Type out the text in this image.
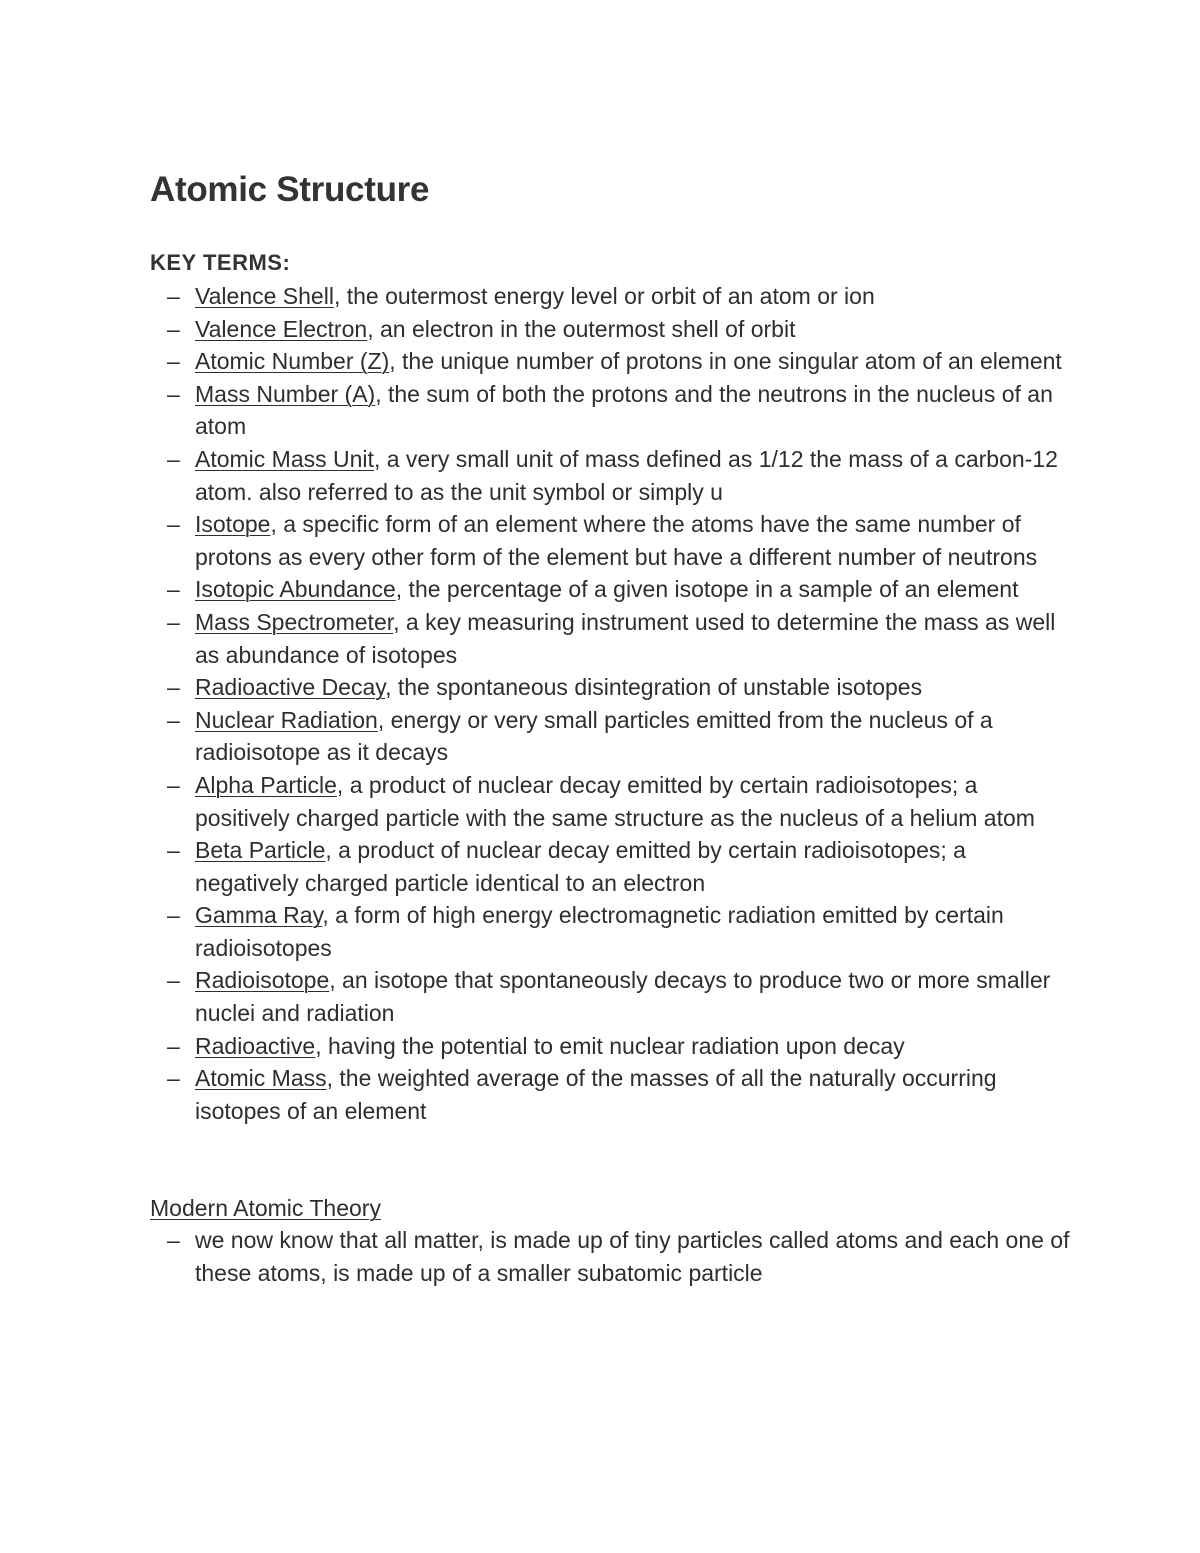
Atomic Structure
KEY TERMS:
– Valence Shell, the outermost energy level or orbit of an atom or ion
– Valence Electron, an electron in the outermost shell of orbit
– Atomic Number (Z), the unique number of protons in one singular atom of an element
– Mass Number (A), the sum of both the protons and the neutrons in the nucleus of an atom
– Atomic Mass Unit, a very small unit of mass defined as 1/12 the mass of a carbon-12 atom. also referred to as the unit symbol or simply u
– Isotope, a specific form of an element where the atoms have the same number of protons as every other form of the element but have a different number of neutrons
– Isotopic Abundance, the percentage of a given isotope in a sample of an element
– Mass Spectrometer, a key measuring instrument used to determine the mass as well as abundance of isotopes
– Radioactive Decay, the spontaneous disintegration of unstable isotopes
– Nuclear Radiation, energy or very small particles emitted from the nucleus of a radioisotope as it decays
– Alpha Particle, a product of nuclear decay emitted by certain radioisotopes; a positively charged particle with the same structure as the nucleus of a helium atom
– Beta Particle, a product of nuclear decay emitted by certain radioisotopes; a negatively charged particle identical to an electron
– Gamma Ray, a form of high energy electromagnetic radiation emitted by certain radioisotopes
– Radioisotope, an isotope that spontaneously decays to produce two or more smaller nuclei and radiation
– Radioactive, having the potential to emit nuclear radiation upon decay
– Atomic Mass, the weighted average of the masses of all the naturally occurring isotopes of an element
Modern Atomic Theory
– we now know that all matter, is made up of tiny particles called atoms and each one of these atoms, is made up of a smaller subatomic particle
